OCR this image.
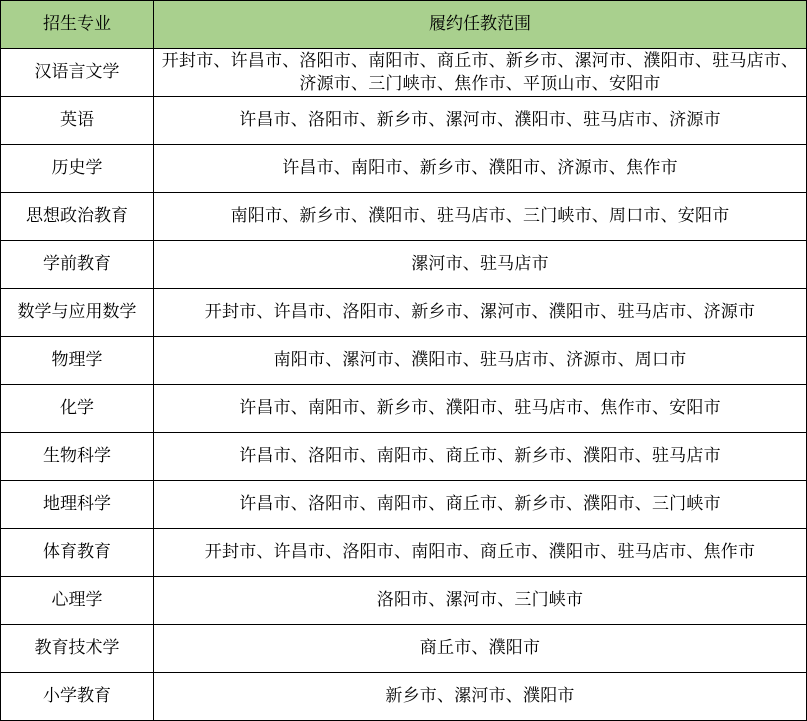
招生专业	履约任教范围
汉语言文学	开封市、许昌市、洛阳市、南阳市、商丘市、新乡市、漯河市、濮阳市、驻马店市、济源市、三门峡市、焦作市、平顶山市、安阳市
英语	许昌市、洛阳市、新乡市、漯河市、濮阳市、驻马店市、济源市
历史学	许昌市、南阳市、新乡市、濮阳市、济源市、焦作市
思想政治教育	南阳市、新乡市、濮阳市、驻马店市、三门峡市、周口市、安阳市
学前教育	漯河市、驻马店市
数学与应用数学	开封市、许昌市、洛阳市、新乡市、漯河市、濮阳市、驻马店市、济源市
物理学	南阳市、漯河市、濮阳市、驻马店市、济源市、周口市
化学	许昌市、南阳市、新乡市、濮阳市、驻马店市、焦作市、安阳市
生物科学	许昌市、洛阳市、南阳市、商丘市、新乡市、濮阳市、驻马店市
地理科学	许昌市、洛阳市、南阳市、商丘市、新乡市、濮阳市、三门峡市
体育教育	开封市、许昌市、洛阳市、南阳市、商丘市、濮阳市、驻马店市、焦作市
心理学	洛阳市、漯河市、三门峡市
教育技术学	商丘市、濮阳市
小学教育	新乡市、漯河市、濮阳市
